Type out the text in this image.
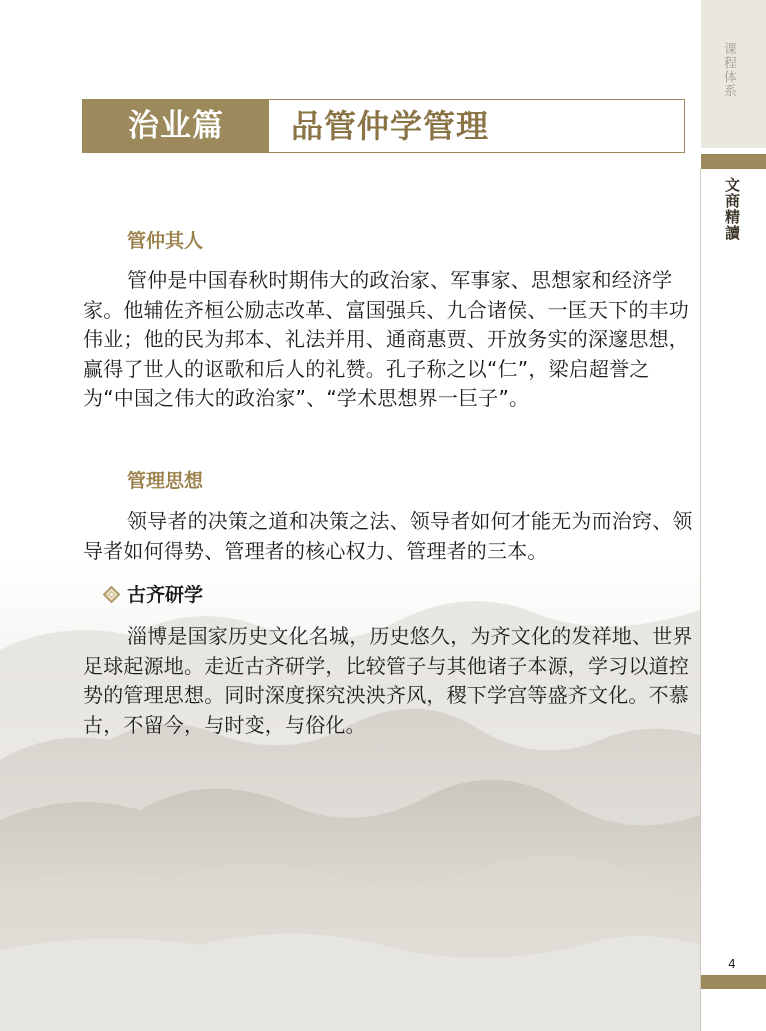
课程体系
文商精讀
4
治业篇	品管仲学管理
管仲其人
管仲是中国春秋时期伟大的政治家、军事家、思想家和经济学家。他辅佐齐桓公励志改革、富国强兵、九合诸侯、一匡天下的丰功伟业；他的民为邦本、礼法并用、通商惠贾、开放务实的深邃思想，赢得了世人的讴歌和后人的礼赞。孔子称之以“仁”，梁启超誉之为“中国之伟大的政治家”、“学术思想界一巨子”。
管理思想
领导者的决策之道和决策之法、领导者如何才能无为而治窍、领导者如何得势、管理者的核心权力、管理者的三本。
古齐研学
淄博是国家历史文化名城，历史悠久，为齐文化的发祥地、世界足球起源地。走近古齐研学，比较管子与其他诸子本源，学习以道控势的管理思想。同时深度探究泱泱齐风，稷下学宫等盛齐文化。不慕古，不留今，与时变，与俗化。
